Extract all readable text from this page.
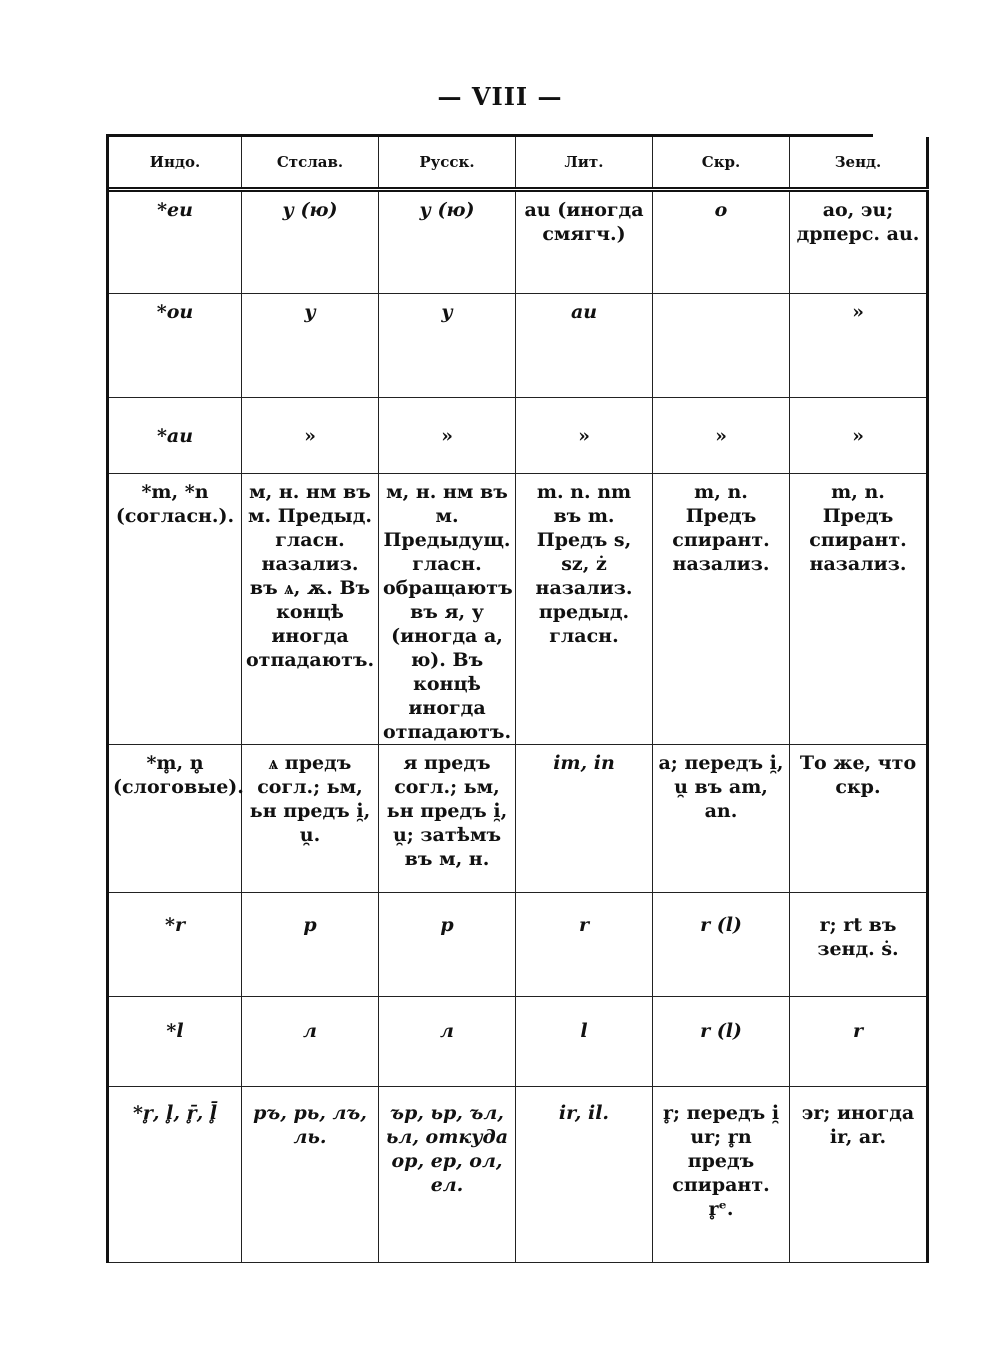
— VIII —
Индо.	Стслав.	Русск.	Лит.	Скр.	Зенд.
*eu	у (ю)	у (ю)	au (иногда смягч.)	o	ao, эu; дрперс. au.
*ou	у	у	au		»
*au	»	»	»	»	»
*m, *n (согласн.).	м, н. нм въ м. Предыд. гласн. назализ. въ ѧ, ѫ. Въ концѣ иногда отпадаютъ.	м, н. нм въ м. Предыдущ. гласн. обращаютъ въ я, у (иногда а, ю). Въ концѣ иногда отпадаютъ.	m. n. nm въ m. Предъ s, sz, ż назализ. предыд. гласн.	m, n. Предъ спирант. назализ.	m, n. Предъ спирант. назализ.
*m̥, n̥ (слоговые).	ѧ предъ согл.; ьм, ьн предъ i̯, u̯.	я предъ согл.; ьм, ьн предъ i̯, u̯; затѣмъ въ м, н.	im, in	a; передъ i̯, u̯ въ am, an.	То же, что скр.
*r	р	р	r	r (l)	r; rt въ зенд. ṡ.
*l	л	л	l	r (l)	r
*r̥, l̥, r̥̄, l̥̄	ръ, рь, лъ, ль.	ър, ьр, ъл, ьл, откуда ор, ер, ол, ел.	ir, il.	r̥; передъ i̯ ur; r̥n предъ спирант. r̥ᵉ.	эr; иногда ir, ar.
